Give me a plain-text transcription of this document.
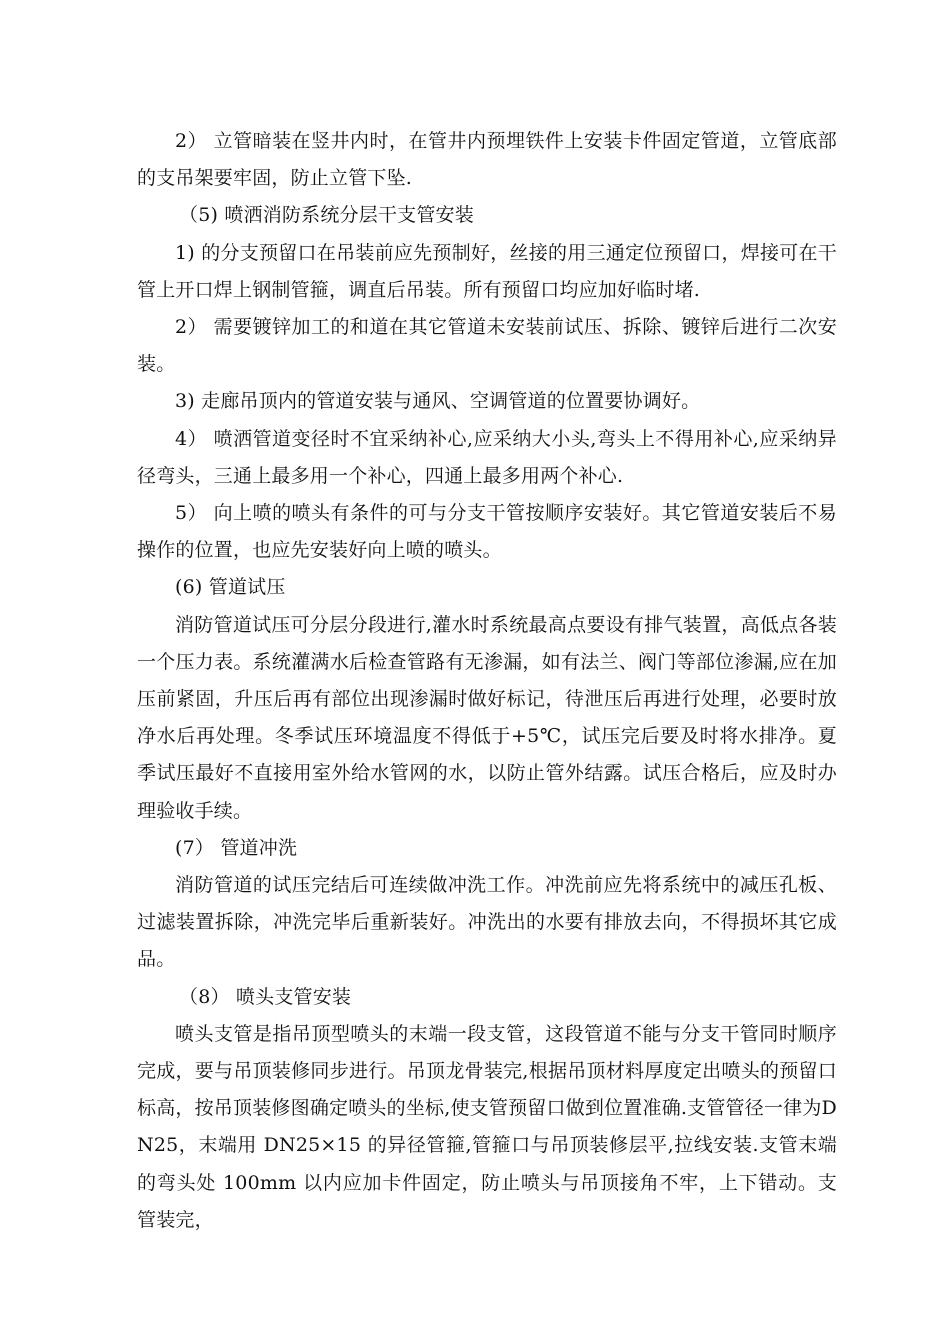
2） 立管暗装在竖井内时，在管井内预埋铁件上安装卡件固定管道，立管底部的支吊架要牢固，防止立管下坠.

（5) 喷洒消防系统分层干支管安装

1) 的分支预留口在吊装前应先预制好，丝接的用三通定位预留口，焊接可在干管上开口焊上钢制管箍，调直后吊装。所有预留口均应加好临时堵.

2） 需要镀锌加工的和道在其它管道未安装前试压、拆除、镀锌后进行二次安装。

3) 走廊吊顶内的管道安装与通风、空调管道的位置要协调好。

4） 喷洒管道变径时不宜采纳补心,应采纳大小头,弯头上不得用补心,应采纳异径弯头，三通上最多用一个补心，四通上最多用两个补心.

5） 向上喷的喷头有条件的可与分支干管按顺序安装好。其它管道安装后不易操作的位置，也应先安装好向上喷的喷头。

(6) 管道试压

消防管道试压可分层分段进行,灌水时系统最高点要设有排气装置，高低点各装一个压力表。系统灌满水后检查管路有无渗漏，如有法兰、阀门等部位渗漏,应在加压前紧固，升压后再有部位出现渗漏时做好标记，待泄压后再进行处理，必要时放净水后再处理。冬季试压环境温度不得低于+5℃，试压完后要及时将水排净。夏季试压最好不直接用室外给水管网的水，以防止管外结露。试压合格后，应及时办理验收手续。

(7） 管道冲洗

消防管道的试压完结后可连续做冲洗工作。冲洗前应先将系统中的减压孔板、过滤装置拆除，冲洗完毕后重新装好。冲洗出的水要有排放去向，不得损坏其它成品。

（8） 喷头支管安装

喷头支管是指吊顶型喷头的末端一段支管，这段管道不能与分支干管同时顺序完成，要与吊顶装修同步进行。吊顶龙骨装完,根据吊顶材料厚度定出喷头的预留口标高，按吊顶装修图确定喷头的坐标,使支管预留口做到位置准确.支管管径一律为DN25，末端用 DN25×15 的异径管箍,管箍口与吊顶装修层平,拉线安装.支管末端的弯头处 100mm 以内应加卡件固定，防止喷头与吊顶接角不牢，上下错动。支管装完，
